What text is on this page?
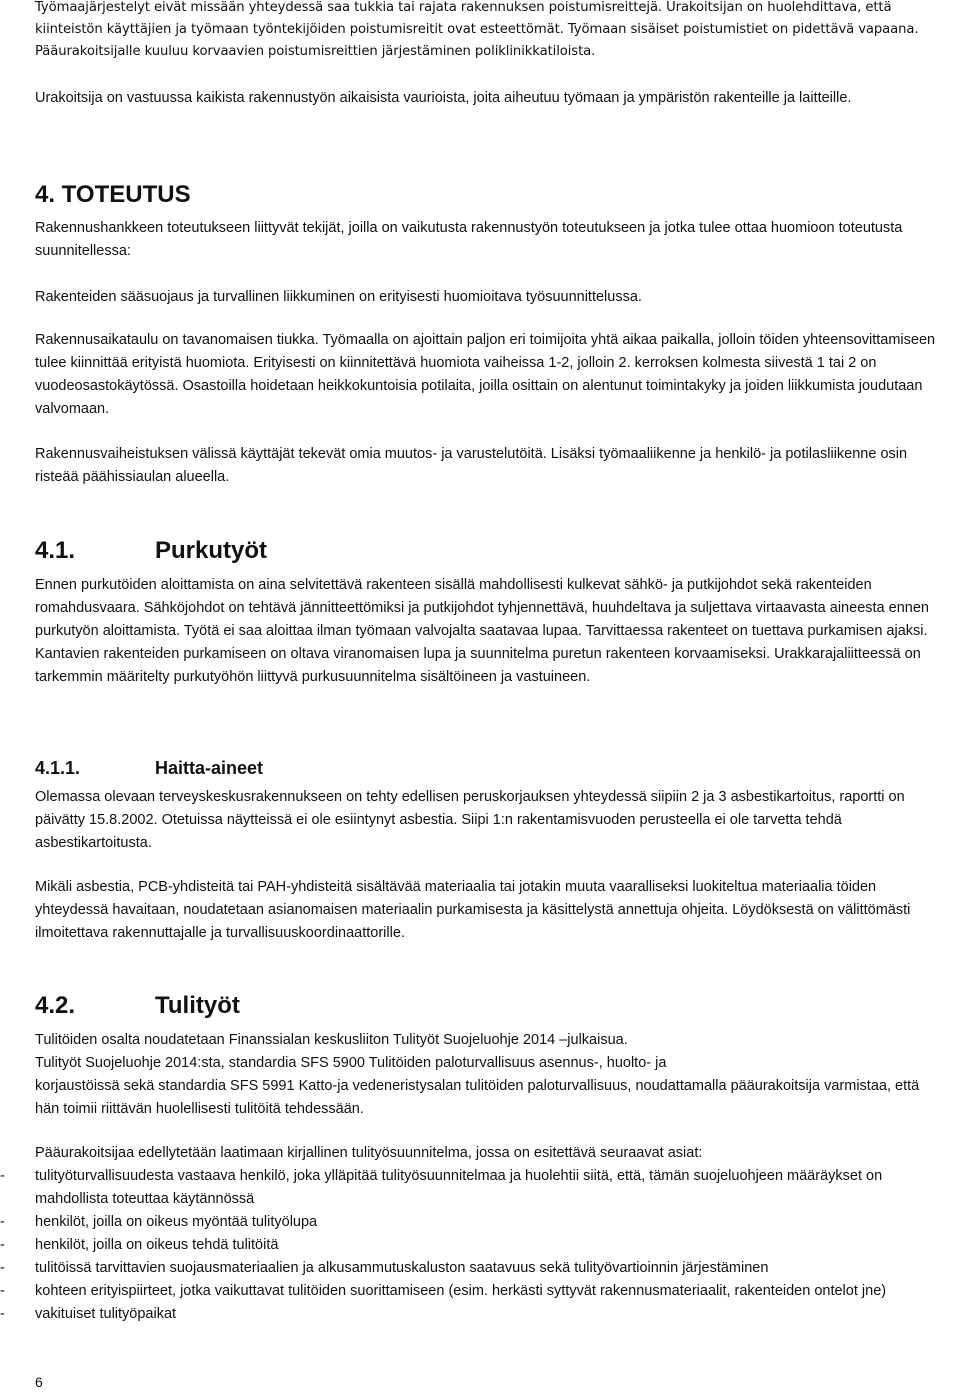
Työmaajärjestelyt eivät missään yhteydessä saa tukkia tai rajata rakennuksen poistumisreittejä. Urakoitsijan on huolehdittava, että kiinteistön käyttäjien ja työmaan työntekijöiden poistumisreitit ovat esteettömät. Työmaan sisäiset poistumistiet on pidettävä vapaana. Pääurakoitsijalle kuuluu korvaavien poistumisreittien järjestäminen poliklinikkatiloista.

Urakoitsija on vastuussa kaikista rakennustyön aikaisista vaurioista, joita aiheutuu työmaan ja ympäristön rakenteille ja laitteille.

4. TOTEUTUS
Rakennushankkeen toteutukseen liittyvät tekijät, joilla on vaikutusta rakennustyön toteutukseen ja jotka tulee ottaa huomioon toteutusta suunnitellessa:
Rakenteiden sääsuojaus ja turvallinen liikkuminen on erityisesti huomioitava työsuunnittelussa.
Rakennusaikataulu on tavanomaisen tiukka. Työmaalla on ajoittain paljon eri toimijoita yhtä aikaa paikalla, jolloin töiden yhteensovittamiseen tulee kiinnittää erityistä huomiota. Erityisesti on kiinnitettävä huomiota vaiheissa 1-2, jolloin 2. kerroksen kolmesta siivestä 1 tai 2 on vuodeosastokäytössä. Osastoilla hoidetaan heikkokuntoisia potilaita, joilla osittain on alentunut toimintakyky ja joiden liikkumista joudutaan valvomaan.
Rakennusvaiheistuksen välissä käyttäjät tekevät omia muutos- ja varustelutöitä. Lisäksi työmaaliikenne ja henkilö- ja potilasliikenne osin risteää päähissiaulan alueella.
4.1.	Purkutyöt
Ennen purkutöiden aloittamista on aina selvitettävä rakenteen sisällä mahdollisesti kulkevat sähkö- ja putkijohdot sekä rakenteiden romahdusvaara. Sähköjohdot on tehtävä jännitteettömiksi ja putkijohdot tyhjennettävä, huuhdeltava ja suljettava virtaavasta aineesta ennen purkutyön aloittamista. Työtä ei saa aloittaa ilman työmaan valvojalta saatavaa lupaa. Tarvittaessa rakenteet on tuettava purkamisen ajaksi. Kantavien rakenteiden purkamiseen on oltava viranomaisen lupa ja suunnitelma puretun rakenteen korvaamiseksi. Urakkarajaliitteessä on tarkemmin määritelty purkutyöhön liittyvä purkusuunnitelma sisältöineen ja vastuineen.
4.1.1.	Haitta-aineet
Olemassa olevaan terveyskeskusrakennukseen on tehty edellisen peruskorjauksen yhteydessä siipiin 2 ja 3 asbestikartoitus, raportti on päivätty 15.8.2002. Otetuissa näytteissä ei ole esiintynyt asbestia. Siipi 1:n rakentamisvuoden perusteella ei ole tarvetta tehdä asbestikartoitusta.
Mikäli asbestia, PCB-yhdisteitä tai PAH-yhdisteitä sisältävää materiaalia tai jotakin muuta vaaralliseksi luokiteltua materiaalia töiden yhteydessä havaitaan, noudatetaan asianomaisen materiaalin purkamisesta ja käsittelystä annettuja ohjeita. Löydöksestä on välittömästi ilmoitettava rakennuttajalle ja turvallisuuskoordinaattorille.
4.2.	Tulityöt
Tulitöiden osalta noudatetaan Finanssialan keskusliiton Tulityöt Suojeluohje 2014 –julkaisua.
Tulityöt Suojeluohje 2014:sta, standardia SFS 5900 Tulitöiden paloturvallisuus asennus-, huolto- ja
korjaustöissä sekä standardia SFS 5991 Katto-ja vedeneristysalan tulitöiden paloturvallisuus, noudattamalla pääurakoitsija varmistaa, että hän toimii riittävän huolellisesti tulitöitä tehdessään.
Pääurakoitsijaa edellytetään laatimaan kirjallinen tulityösuunnitelma, jossa on esitettävä seuraavat asiat:
- tulityöturvallisuudesta vastaava henkilö, joka ylläpitää tulityösuunnitelmaa ja huolehtii siitä, että, tämän suojeluohjeen määräykset on mahdollista toteuttaa käytännössä
- henkilöt, joilla on oikeus myöntää tulityölupa
- henkilöt, joilla on oikeus tehdä tulitöitä
- tulitöissä tarvittavien suojausmateriaalien ja alkusammutuskaluston saatavuus sekä tulityövartioinnin järjestäminen
- kohteen erityispiirteet, jotka vaikuttavat tulitöiden suorittamiseen (esim. herkästi syttyvät rakennusmateriaalit, rakenteiden ontelot jne)
- vakituiset tulityöpaikat
6
